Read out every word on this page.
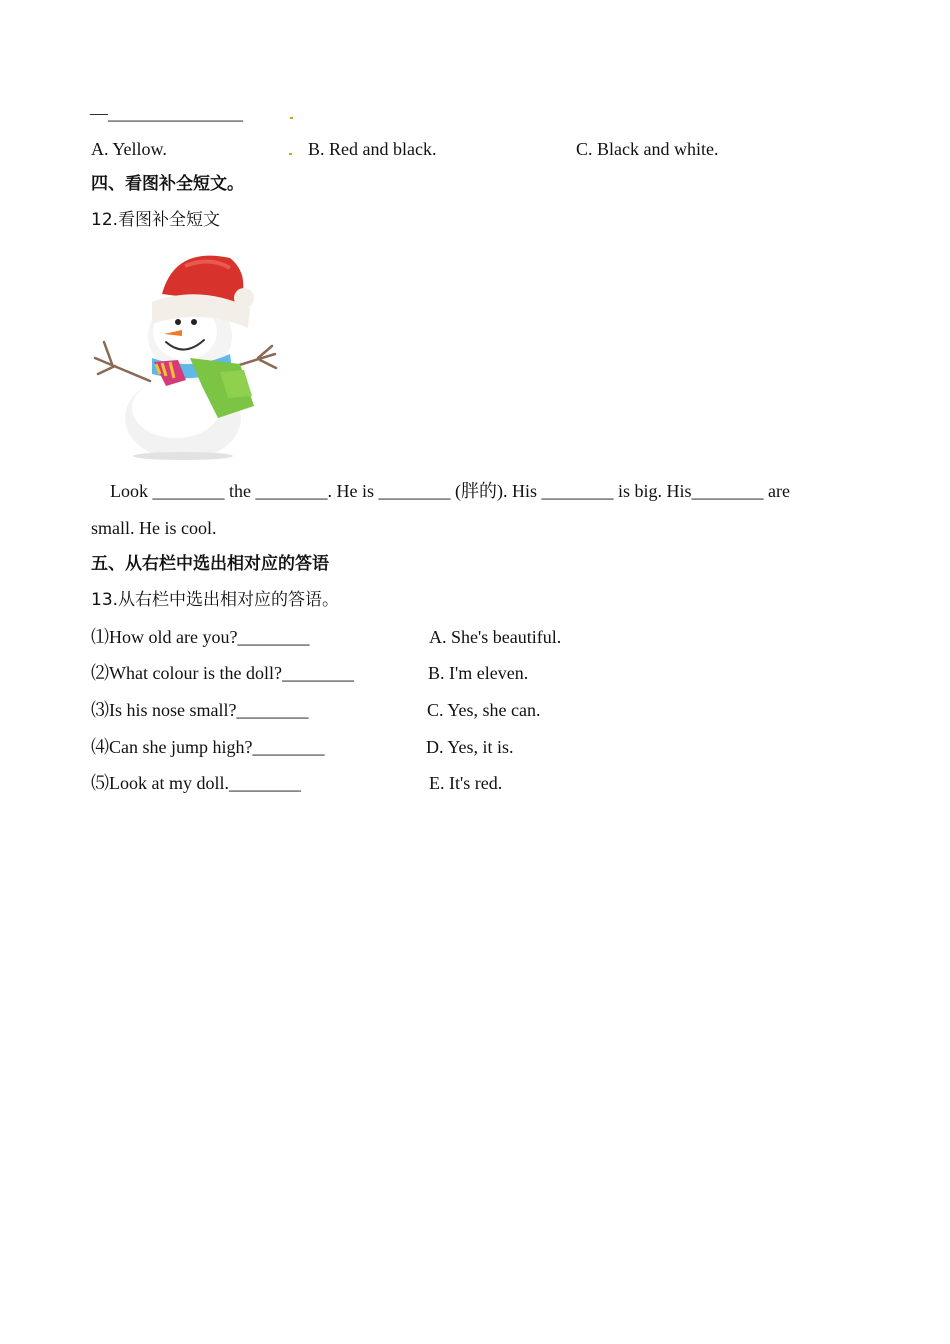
—_______________
A. Yellow.	B. Red and black.	C. Black and white.
四、看图补全短文。
12.看图补全短文
Look ________ the ________. He is ________ (胖的). His ________ is big. His________ are
small. He is cool.
五、从右栏中选出相对应的答语
13.从右栏中选出相对应的答语。
⑴How old are you?________	A. She's beautiful.
⑵What colour is the doll?________	B. I'm eleven.
⑶Is his nose small?________	C. Yes, she can.
⑷Can she jump high?________	D. Yes, it is.
⑸Look at my doll.________	E. It's red.
